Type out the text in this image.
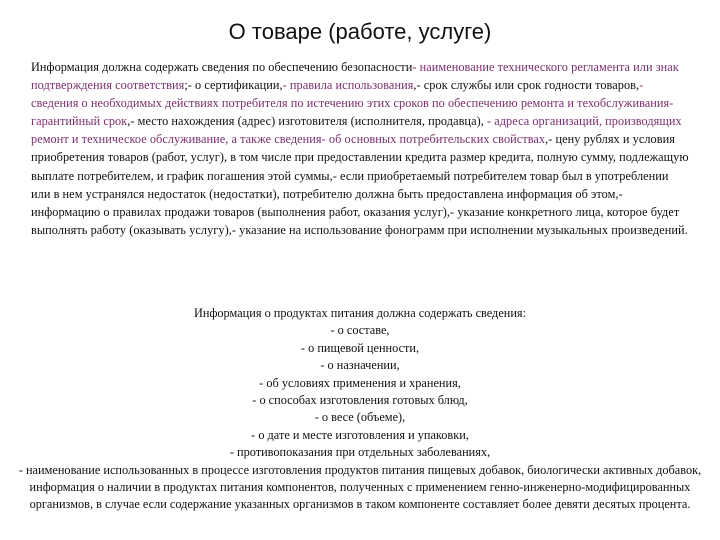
О товаре (работе, услуге)
Информация должна содержать сведения по обеспечению безопасности- наименование технического регламента или знак подтверждения соответствия;- о сертификации,- правила использования,- срок службы или срок годности товаров,- сведения о необходимых действиях потребителя по истечению этих сроков по обеспечению ремонта и техобслуживания- гарантийный срок,- место нахождения (адрес) изготовителя (исполнителя, продавца), - адреса организаций, производящих ремонт и техническое обслуживание, а также сведения- об основных потребительских свойствах,- цену рублях и условия приобретения товаров (работ, услуг), в том числе при предоставлении кредита размер кредита, полную сумму, подлежащую выплате потребителем, и график погашения этой суммы,- если приобретаемый потребителем товар был в употреблении или в нем устранялся недостаток (недостатки), потребителю должна быть предоставлена информация об этом,- информацию о правилах продажи товаров (выполнения работ, оказания услуг),- указание конкретного лица, которое будет выполнять работу (оказывать услугу),- указание на использование фонограмм при исполнении музыкальных произведений.
Информация о продуктах питания должна содержать сведения:
- о составе,
- о пищевой ценности,
- о назначении,
- об условиях применения и хранения,
- о способах изготовления готовых блюд,
- о весе (объеме),
- о дате и месте изготовления и упаковки,
- противопоказания при отдельных заболеваниях,
- наименование использованных в процессе изготовления продуктов питания пищевых добавок, биологически активных добавок, информация о наличии в продуктах питания компонентов, полученных с применением генно-инженерно-модифицированных организмов, в случае если содержание указанных организмов в таком компоненте составляет более девяти десятых процента.
